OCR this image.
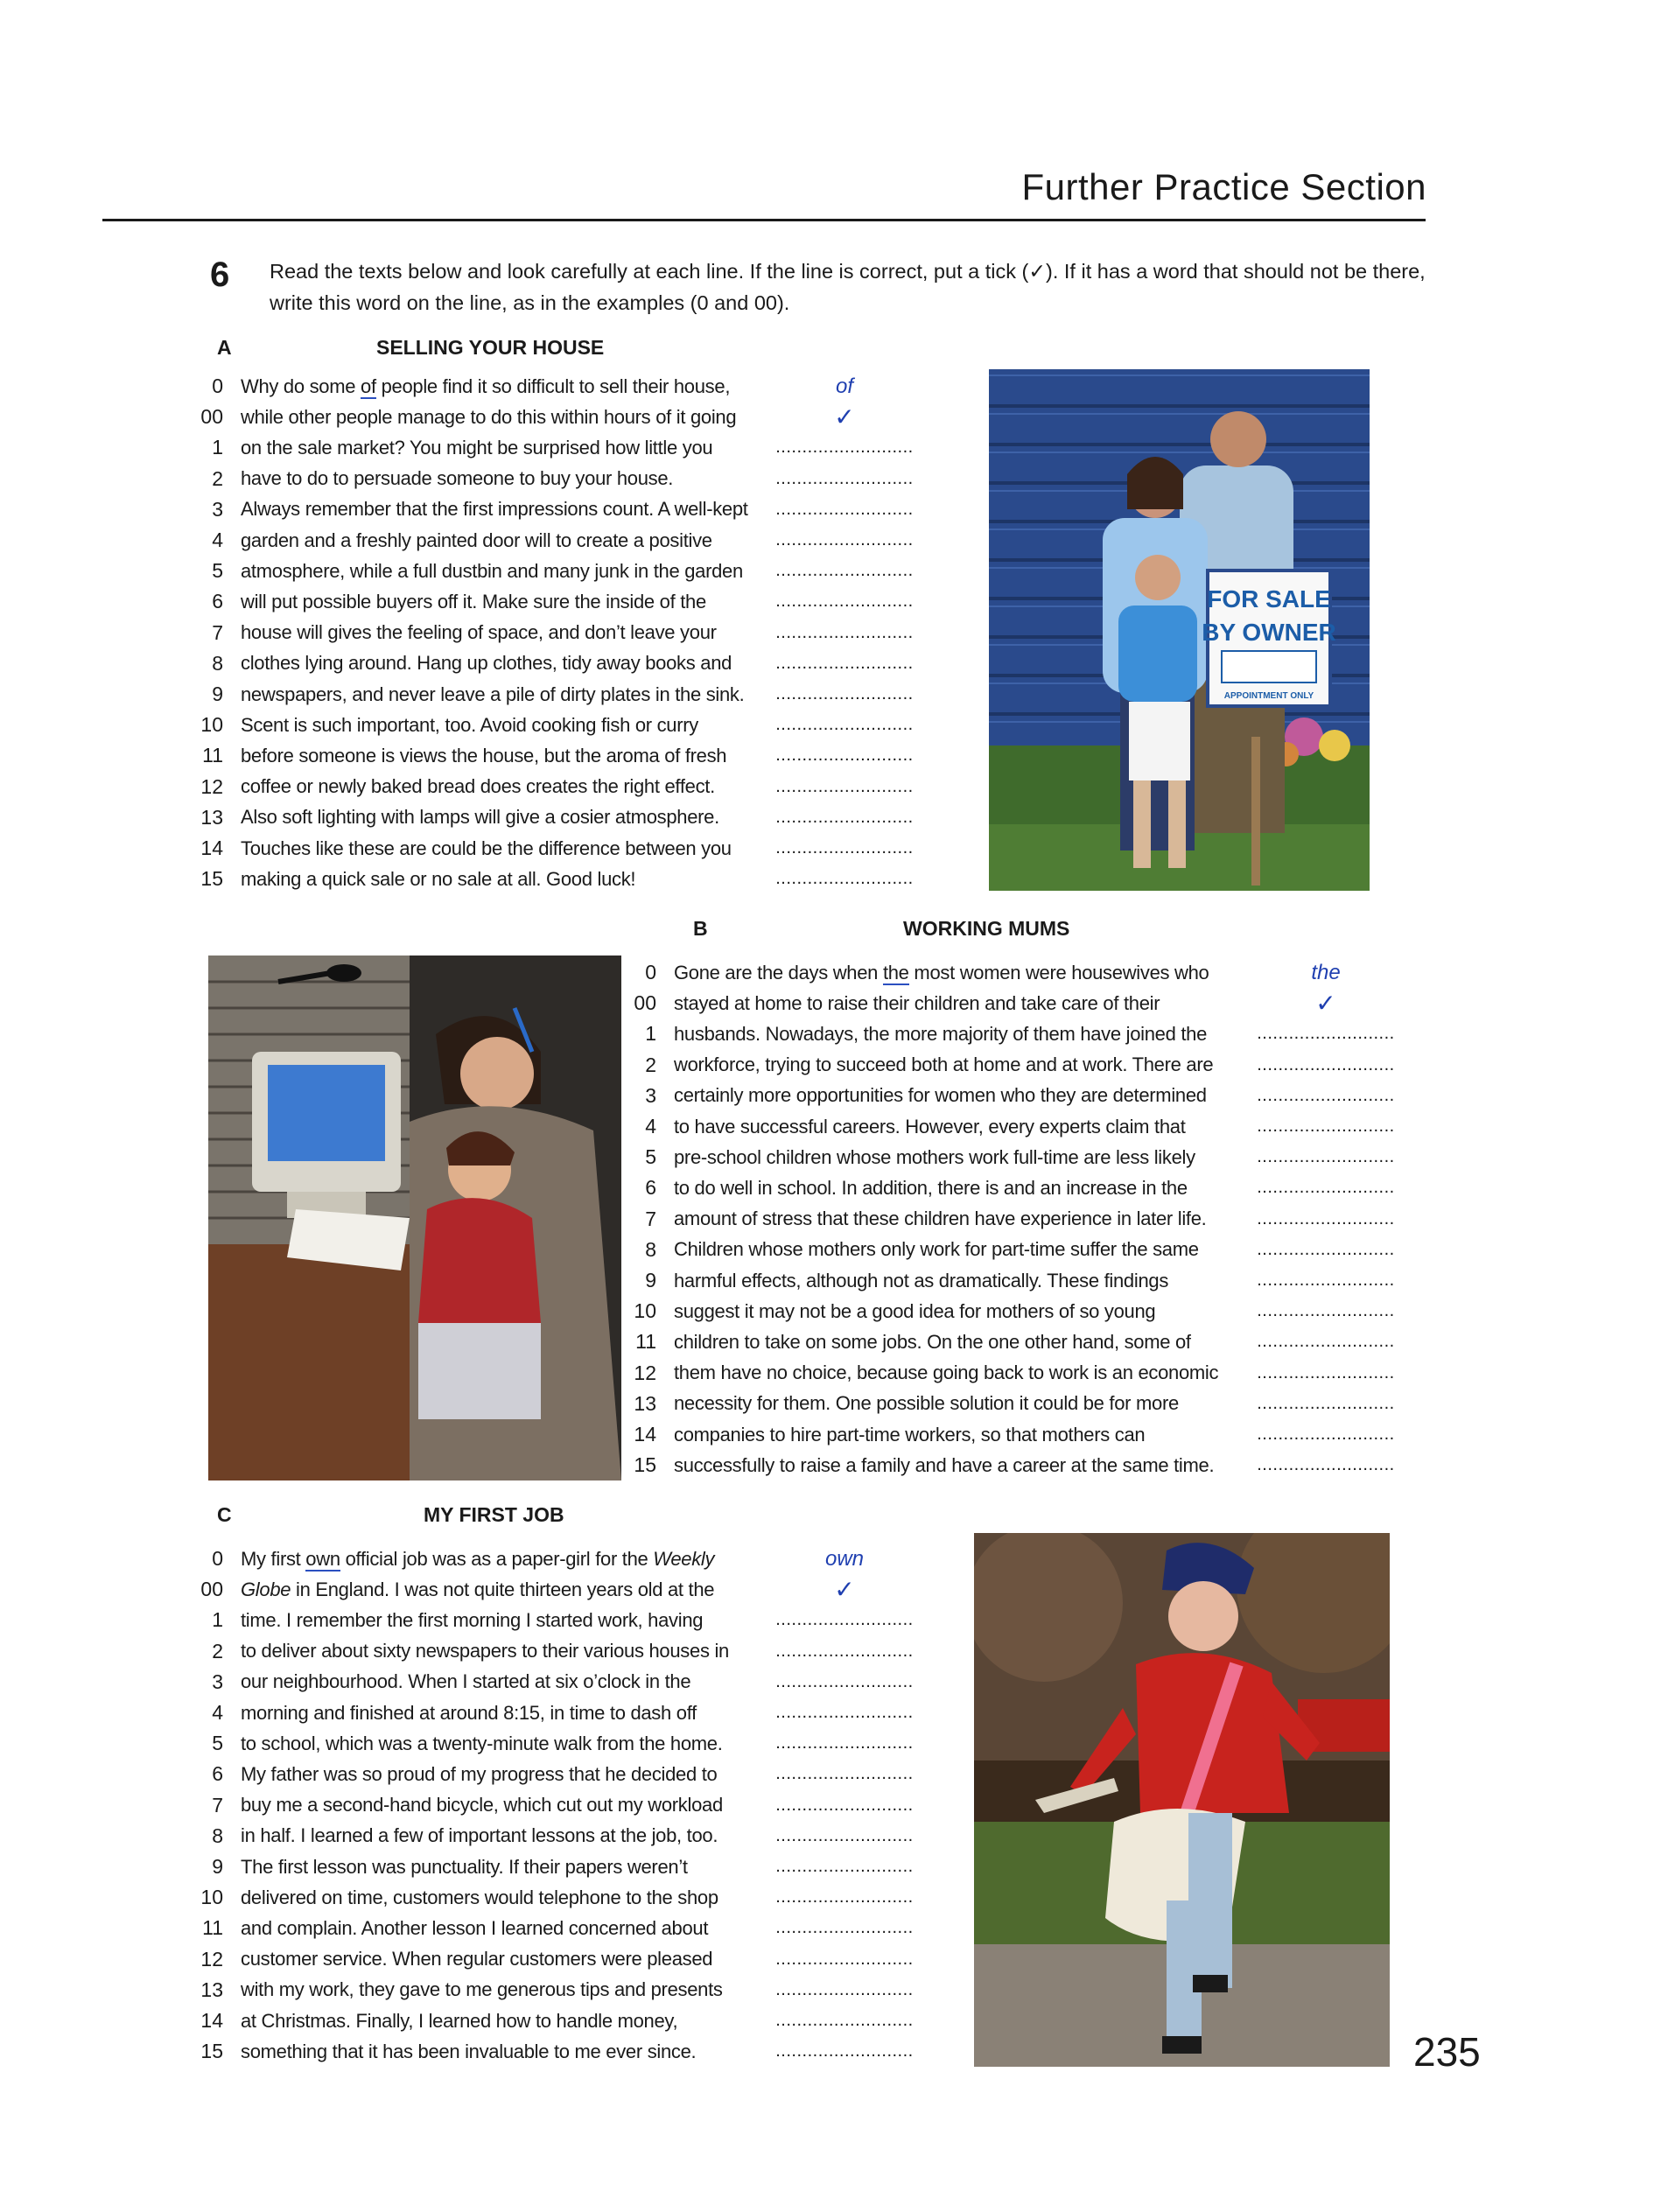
Further Practice Section
6 Read the texts below and look carefully at each line. If the line is correct, put a tick (✓). If it has a word that should not be there, write this word on the line, as in the examples (0 and 00).
A	SELLING YOUR HOUSE
0 Why do some of people find it so difficult to sell their house,	of
00 while other people manage to do this within hours of it going	✓
1 on the sale market? You might be surprised how little you	..........................
2 have to do to persuade someone to buy your house.	..........................
3 Always remember that the first impressions count. A well-kept	..........................
4 garden and a freshly painted door will to create a positive	..........................
5 atmosphere, while a full dustbin and many junk in the garden	..........................
6 will put possible buyers off it. Make sure the inside of the	..........................
7 house will gives the feeling of space, and don’t leave your	..........................
8 clothes lying around. Hang up clothes, tidy away books and	..........................
9 newspapers, and never leave a pile of dirty plates in the sink.	..........................
10 Scent is such important, too. Avoid cooking fish or curry	..........................
11 before someone is views the house, but the aroma of fresh	..........................
12 coffee or newly baked bread does creates the right effect.	..........................
13 Also soft lighting with lamps will give a cosier atmosphere.	..........................
14 Touches like these are could be the difference between you	..........................
15 making a quick sale or no sale at all. Good luck!	..........................
FOR SALE
BY OWNER
APPOINTMENT ONLY
B	WORKING MUMS
0 Gone are the days when the most women were housewives who	the
00 stayed at home to raise their children and take care of their	✓
1 husbands. Nowadays, the more majority of them have joined the	..........................
2 workforce, trying to succeed both at home and at work. There are	..........................
3 certainly more opportunities for women who they are determined	..........................
4 to have successful careers. However, every experts claim that	..........................
5 pre-school children whose mothers work full-time are less likely	..........................
6 to do well in school. In addition, there is and an increase in the	..........................
7 amount of stress that these children have experience in later life.	..........................
8 Children whose mothers only work for part-time suffer the same	..........................
9 harmful effects, although not as dramatically. These findings	..........................
10 suggest it may not be a good idea for mothers of so young	..........................
11 children to take on some jobs. On the one other hand, some of	..........................
12 them have no choice, because going back to work is an economic	..........................
13 necessity for them. One possible solution it could be for more	..........................
14 companies to hire part-time workers, so that mothers can	..........................
15 successfully to raise a family and have a career at the same time.	..........................
C	MY FIRST JOB
0 My first own official job was as a paper-girl for the Weekly	own
00 Globe in England. I was not quite thirteen years old at the	✓
1 time. I remember the first morning I started work, having	..........................
2 to deliver about sixty newspapers to their various houses in	..........................
3 our neighbourhood. When I started at six o’clock in the	..........................
4 morning and finished at around 8:15, in time to dash off	..........................
5 to school, which was a twenty-minute walk from the home.	..........................
6 My father was so proud of my progress that he decided to	..........................
7 buy me a second-hand bicycle, which cut out my workload	..........................
8 in half. I learned a few of important lessons at the job, too.	..........................
9 The first lesson was punctuality. If their papers weren’t	..........................
10 delivered on time, customers would telephone to the shop	..........................
11 and complain. Another lesson I learned concerned about	..........................
12 customer service. When regular customers were pleased	..........................
13 with my work, they gave to me generous tips and presents	..........................
14 at Christmas. Finally, I learned how to handle money,	..........................
15 something that it has been invaluable to me ever since.	..........................	235
